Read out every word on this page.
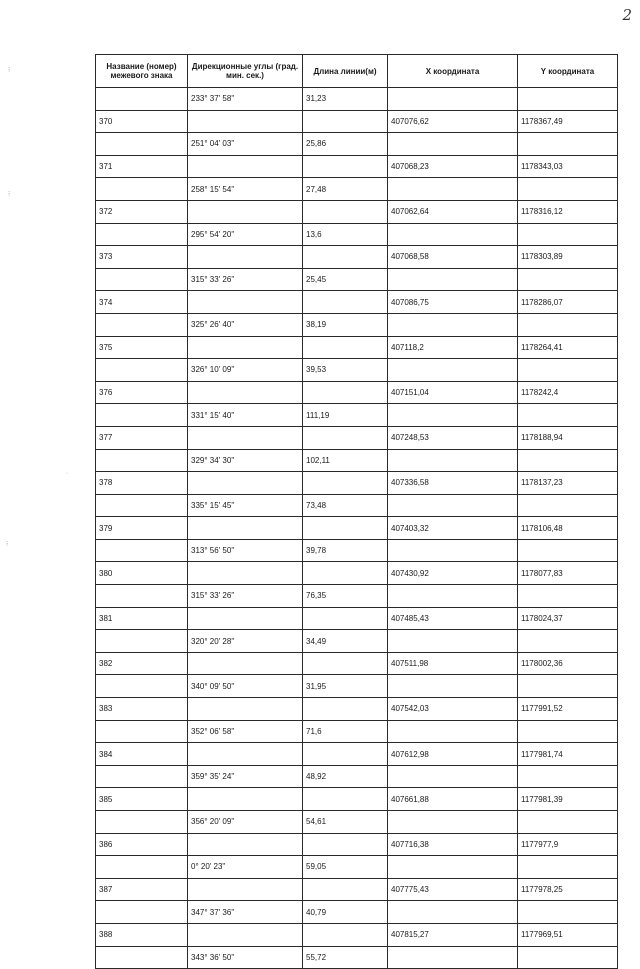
2
⁝
⁝
·
⁝
Название (номер) межевого знака	Дирекционные углы (град. мин. сек.)	Длина линии(м)	X координата	Y координата
	233° 37' 58"	31,23		
370			407076,62	1178367,49
	251° 04' 03"	25,86		
371			407068,23	1178343,03
	258° 15' 54"	27,48		
372			407062,64	1178316,12
	295° 54' 20"	13,6		
373			407068,58	1178303,89
	315° 33' 26"	25,45		
374			407086,75	1178286,07
	325° 26' 40"	38,19		
375			407118,2	1178264,41
	326° 10' 09"	39,53		
376			407151,04	1178242,4
	331° 15' 40"	111,19		
377			407248,53	1178188,94
	329° 34' 30"	102,11		
378			407336,58	1178137,23
	335° 15' 45"	73,48		
379			407403,32	1178106,48
	313° 56' 50"	39,78		
380			407430,92	1178077,83
	315° 33' 26"	76,35		
381			407485,43	1178024,37
	320° 20' 28"	34,49		
382			407511,98	1178002,36
	340° 09' 50"	31,95		
383			407542,03	1177991,52
	352° 06' 58"	71,6		
384			407612,98	1177981,74
	359° 35' 24"	48,92		
385			407661,88	1177981,39
	356° 20' 09"	54,61		
386			407716,38	1177977,9
	0° 20' 23"	59,05		
387			407775,43	1177978,25
	347° 37' 36"	40,79		
388			407815,27	1177969,51
	343° 36' 50"	55,72		
